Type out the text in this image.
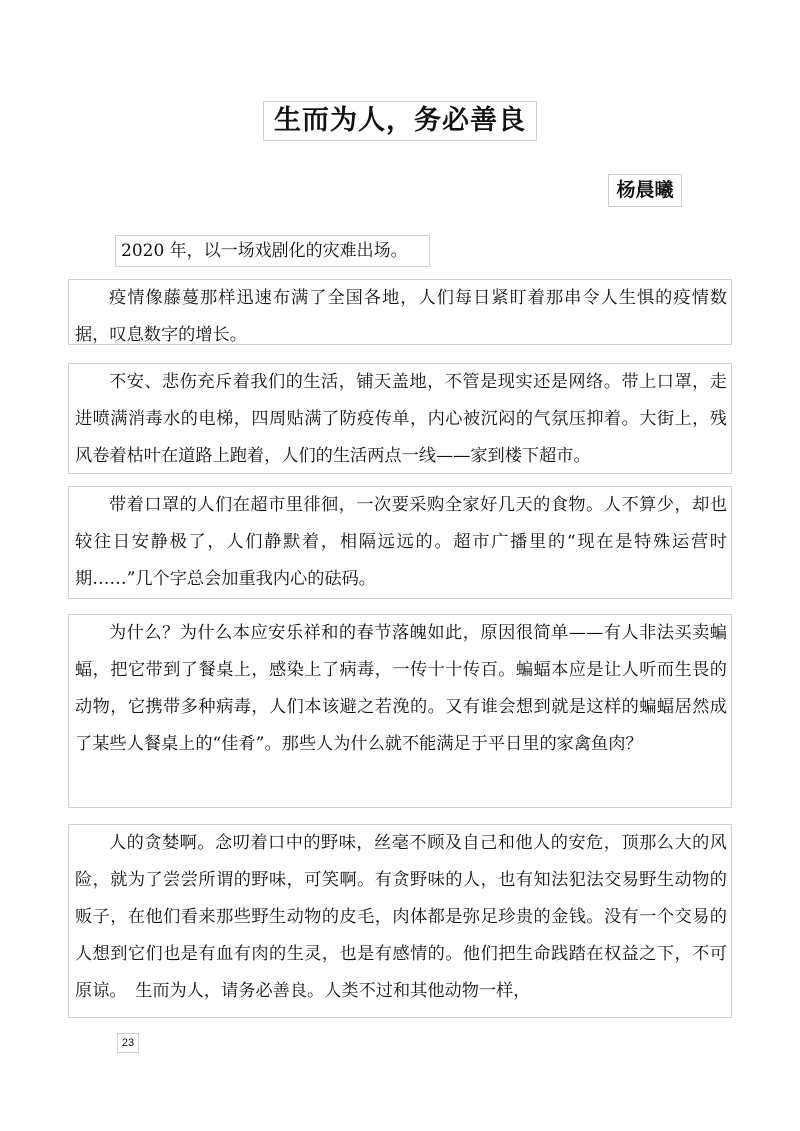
生而为人，务必善良
杨晨曦
2020 年，以一场戏剧化的灾难出场。
疫情像藤蔓那样迅速布满了全国各地，人们每日紧盯着那串令人生惧的疫情数据，叹息数字的增长。
不安、悲伤充斥着我们的生活，铺天盖地，不管是现实还是网络。带上口罩，走进喷满消毒水的电梯，四周贴满了防疫传单，内心被沉闷的气氛压抑着。大街上，残风卷着枯叶在道路上跑着，人们的生活两点一线——家到楼下超市。
带着口罩的人们在超市里徘徊，一次要采购全家好几天的食物。人不算少，却也较往日安静极了，人们静默着，相隔远远的。超市广播里的“现在是特殊运营时期……”几个字总会加重我内心的砝码。
为什么？为什么本应安乐祥和的春节落魄如此，原因很简单——有人非法买卖蝙蝠，把它带到了餐桌上，感染上了病毒，一传十十传百。蝙蝠本应是让人听而生畏的动物，它携带多种病毒，人们本该避之若浼的。又有谁会想到就是这样的蝙蝠居然成了某些人餐桌上的“佳肴”。那些人为什么就不能满足于平日里的家禽鱼肉？
人的贪婪啊。念叨着口中的野味，丝毫不顾及自己和他人的安危，顶那么大的风险，就为了尝尝所谓的野味，可笑啊。有贪野味的人，也有知法犯法交易野生动物的贩子，在他们看来那些野生动物的皮毛，肉体都是弥足珍贵的金钱。没有一个交易的人想到它们也是有血有肉的生灵，也是有感情的。他们把生命践踏在权益之下，不可原谅。　生而为人，请务必善良。人类不过和其他动物一样，
23
